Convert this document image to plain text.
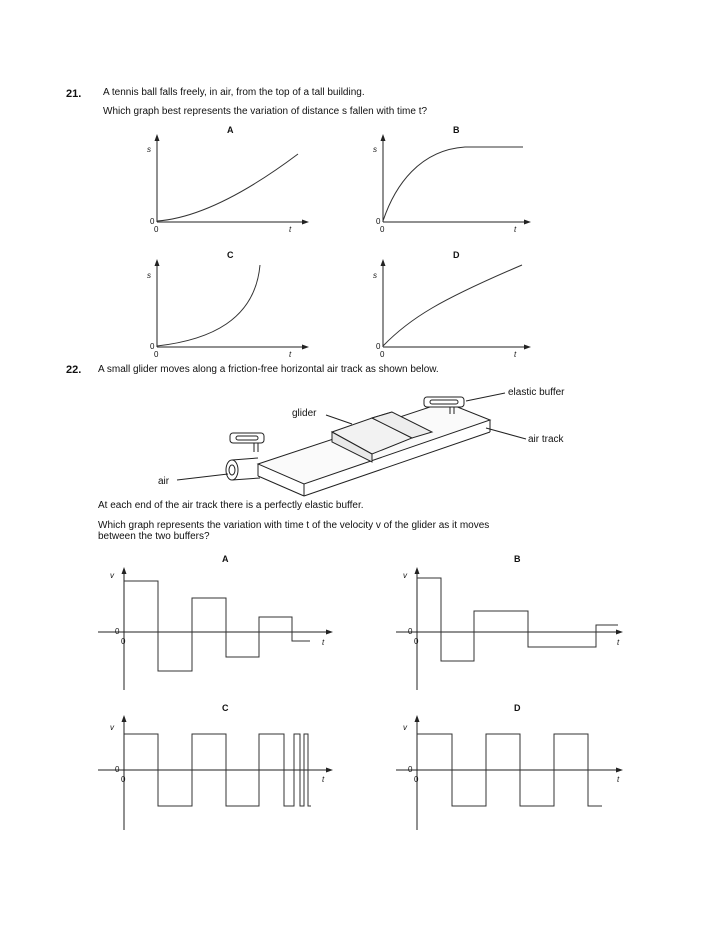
21. A tennis ball falls freely, in air, from the top of a tall building.
Which graph best represents the variation of distance s fallen with time t?
22. A small glider moves along a friction-free horizontal air track as shown below.
At each end of the air track there is a perfectly elastic buffer.
Which graph represents the variation with time t of the velocity v of the glider as it moves
between the two buffers?
A
s
t
0
0
B
s
t
0
0
C
s
t
0
0
D
s
t
0
0
elastic buffer
glider
air track
air
A
v
t
0
0
B
v
t
0
0
C
v
t
0
0
D
v
t
0
0
